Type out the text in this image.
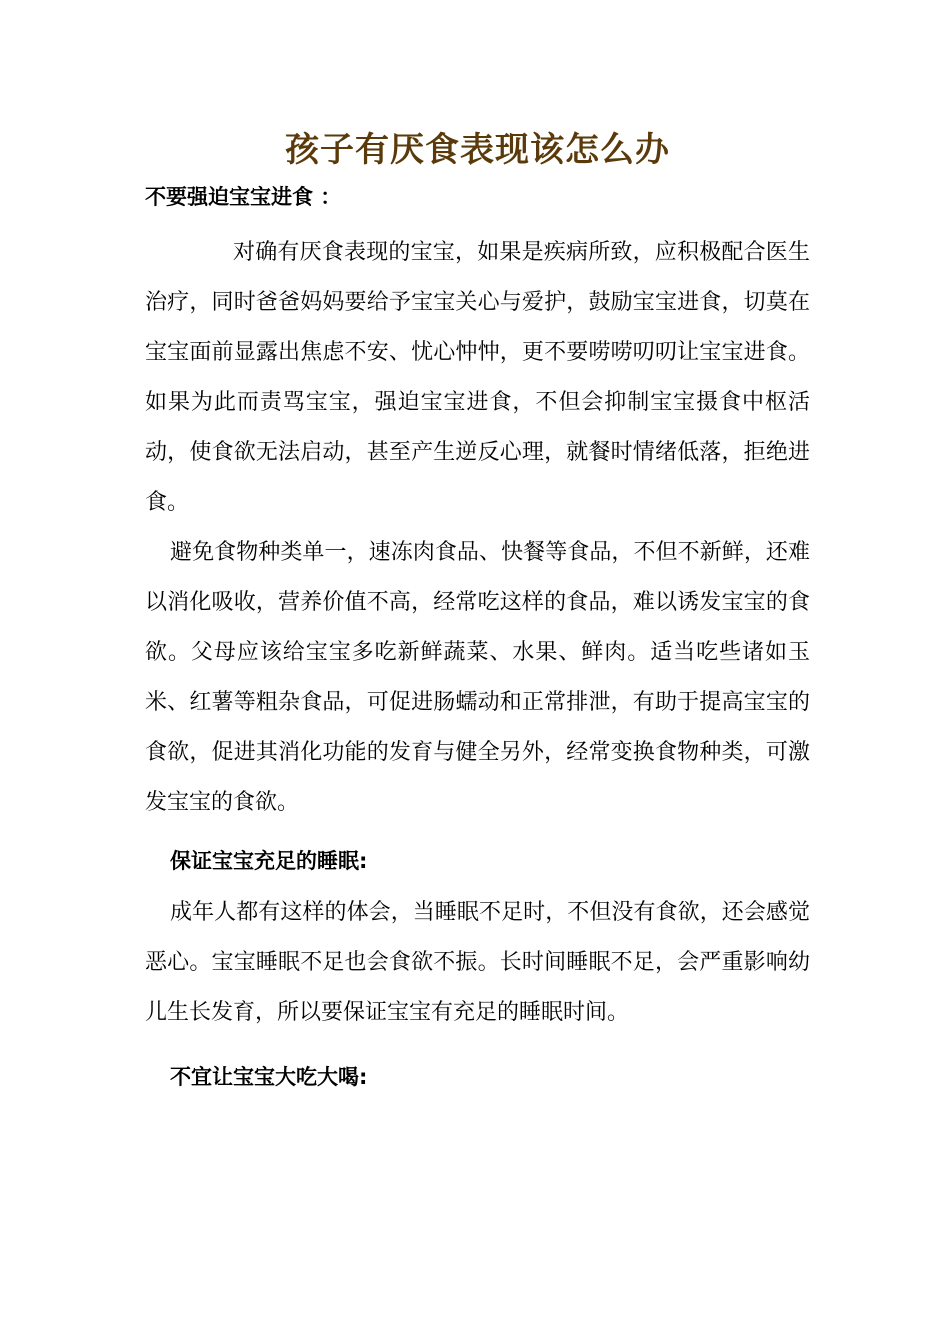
孩子有厌食表现该怎么办
不要强迫宝宝进食 ：

对确有厌食表现的宝宝，如果是疾病所致，应积极配合医生治疗，同时爸爸妈妈要给予宝宝关心与爱护，鼓励宝宝进食，切莫在宝宝面前显露出焦虑不安、忧心忡忡，更不要唠唠叨叨让宝宝进食。如果为此而责骂宝宝，强迫宝宝进食，不但会抑制宝宝摄食中枢活动，使食欲无法启动，甚至产生逆反心理，就餐时情绪低落，拒绝进食。

避免食物种类单一，速冻肉食品、快餐等食品，不但不新鲜，还难以消化吸收，营养价值不高，经常吃这样的食品，难以诱发宝宝的食欲。父母应该给宝宝多吃新鲜蔬菜、水果、鲜肉。适当吃些诸如玉米、红薯等粗杂食品，可促进肠蠕动和正常排泄，有助于提高宝宝的食欲，促进其消化功能的发育与健全另外，经常变换食物种类，可激发宝宝的食欲。

保证宝宝充足的睡眠:

成年人都有这样的体会，当睡眠不足时，不但没有食欲，还会感觉恶心。宝宝睡眠不足也会食欲不振。长时间睡眠不足，会严重影响幼儿生长发育，所以要保证宝宝有充足的睡眠时间。

不宜让宝宝大吃大喝:
